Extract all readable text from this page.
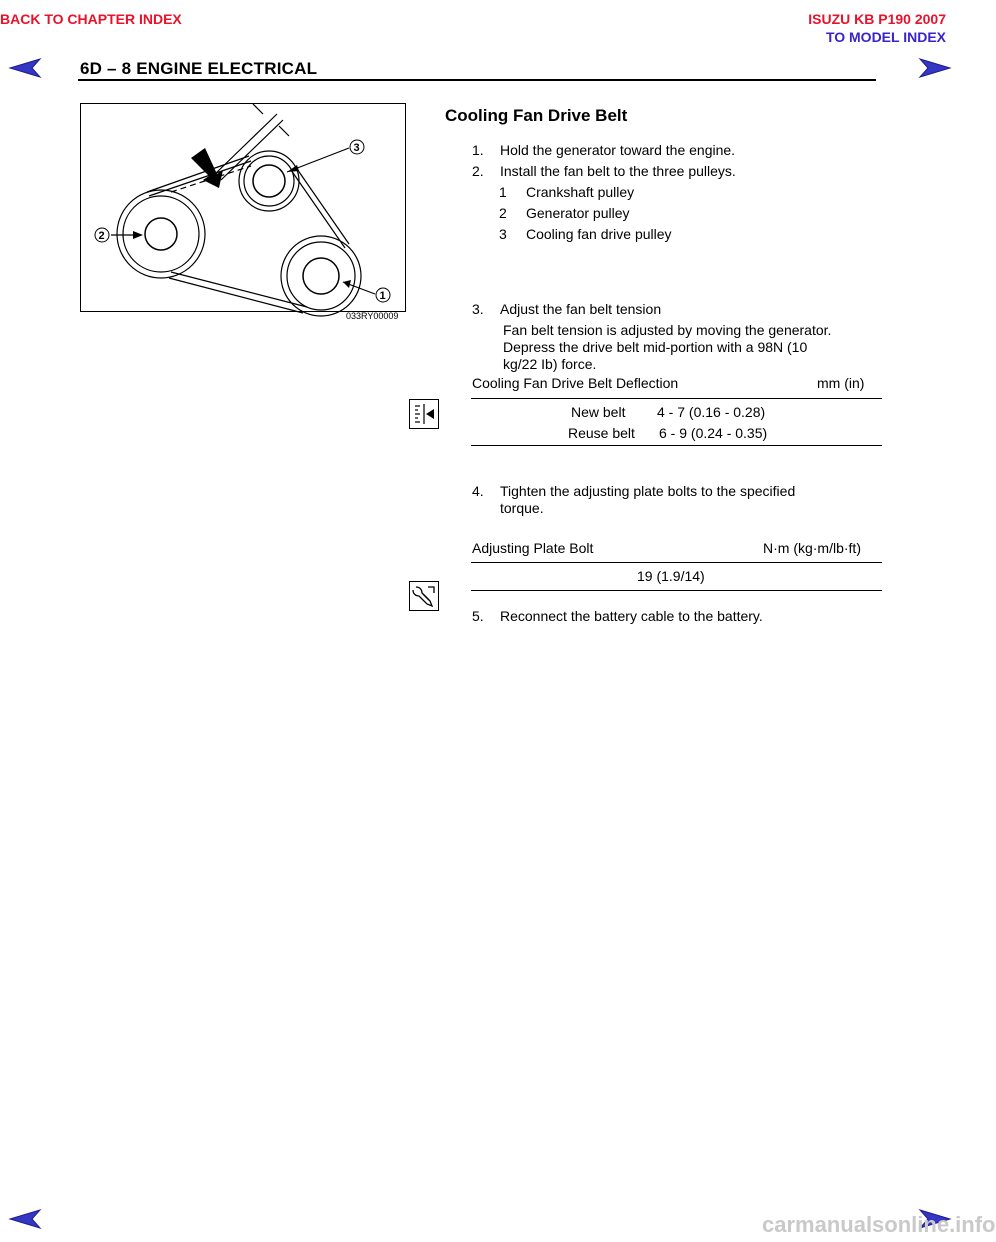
BACK TO CHAPTER INDEX	ISUZU KB P190 2007
TO MODEL INDEX
6D – 8 ENGINE ELECTRICAL
3
2
1
033RY00009
Cooling Fan Drive Belt
1. Hold the generator toward the engine.
2. Install the fan belt to the three pulleys.
1 Crankshaft pulley
2 Generator pulley
3 Cooling fan drive pulley
3. Adjust the fan belt tension
Fan belt tension is adjusted by moving the generator.
Depress the drive belt mid-portion with a 98N (10
kg/22 Ib) force.
Cooling Fan Drive Belt Deflection	mm (in)
New belt 4 - 7 (0.16 - 0.28)
Reuse belt 6 - 9 (0.24 - 0.35)
4. Tighten the adjusting plate bolts to the specified
torque.
Adjusting Plate Bolt	N·m (kg·m/lb·ft)
19 (1.9/14)
5. Reconnect the battery cable to the battery.
carmanualsonline.info
